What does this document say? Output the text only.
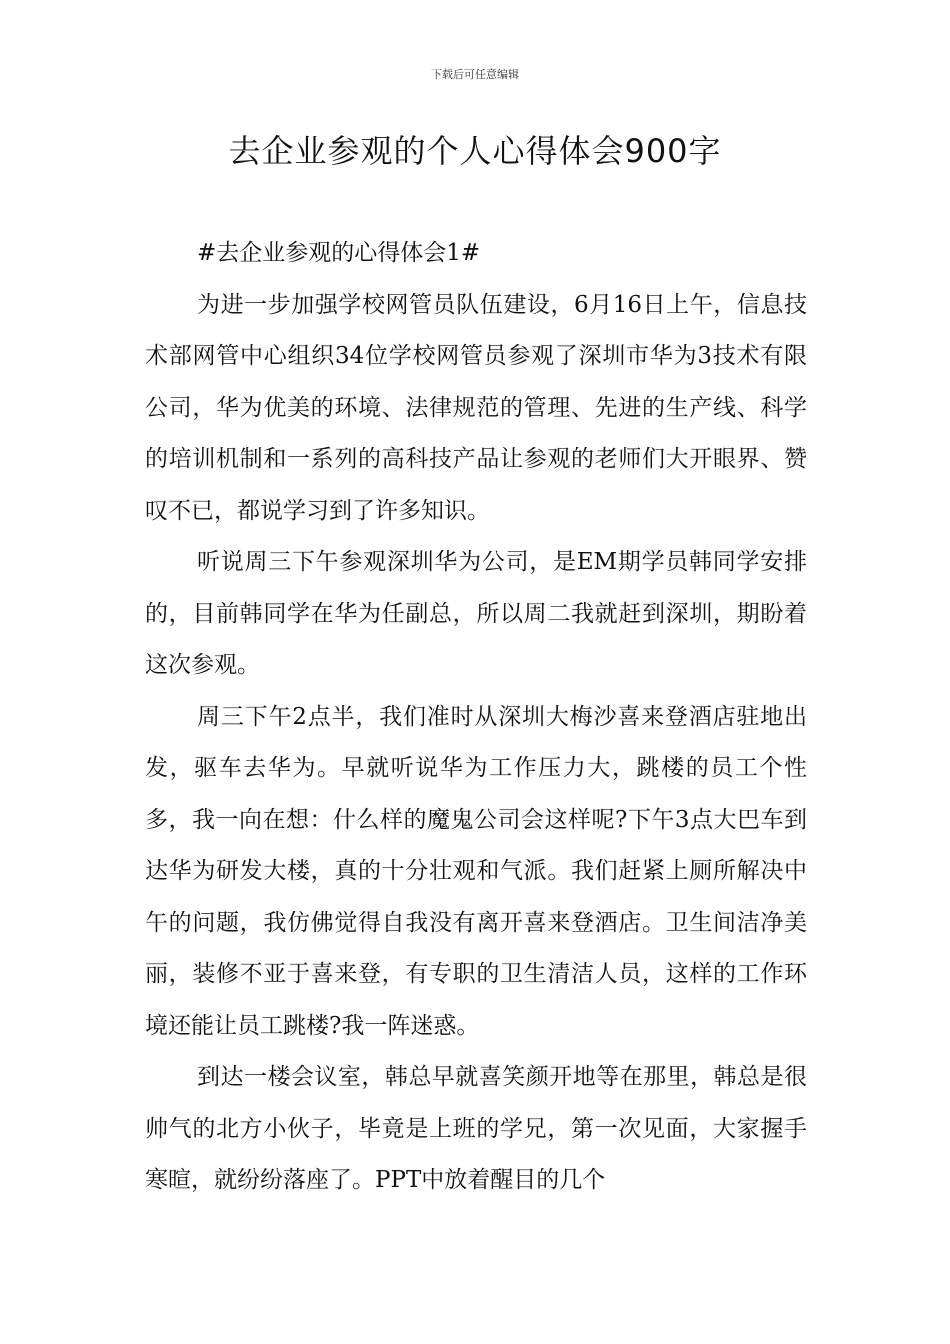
下载后可任意编辑
去企业参观的个人心得体会900字

#去企业参观的心得体会1#

为进一步加强学校网管员队伍建设，6月16日上午，信息技术部网管中心组织34位学校网管员参观了深圳市华为3技术有限公司，华为优美的环境、法律规范的管理、先进的生产线、科学的培训机制和一系列的高科技产品让参观的老师们大开眼界、赞叹不已，都说学习到了许多知识。

听说周三下午参观深圳华为公司，是EM期学员韩同学安排的，目前韩同学在华为任副总，所以周二我就赶到深圳，期盼着这次参观。

周三下午2点半，我们准时从深圳大梅沙喜来登酒店驻地出发，驱车去华为。早就听说华为工作压力大，跳楼的员工个性多，我一向在想：什么样的魔鬼公司会这样呢?下午3点大巴车到达华为研发大楼，真的十分壮观和气派。我们赶紧上厕所解决中午的问题，我仿佛觉得自我没有离开喜来登酒店。卫生间洁净美丽，装修不亚于喜来登，有专职的卫生清洁人员，这样的工作环境还能让员工跳楼?我一阵迷惑。

到达一楼会议室，韩总早就喜笑颜开地等在那里，韩总是很帅气的北方小伙子，毕竟是上班的学兄，第一次见面，大家握手寒暄，就纷纷落座了。PPT中放着醒目的几个
